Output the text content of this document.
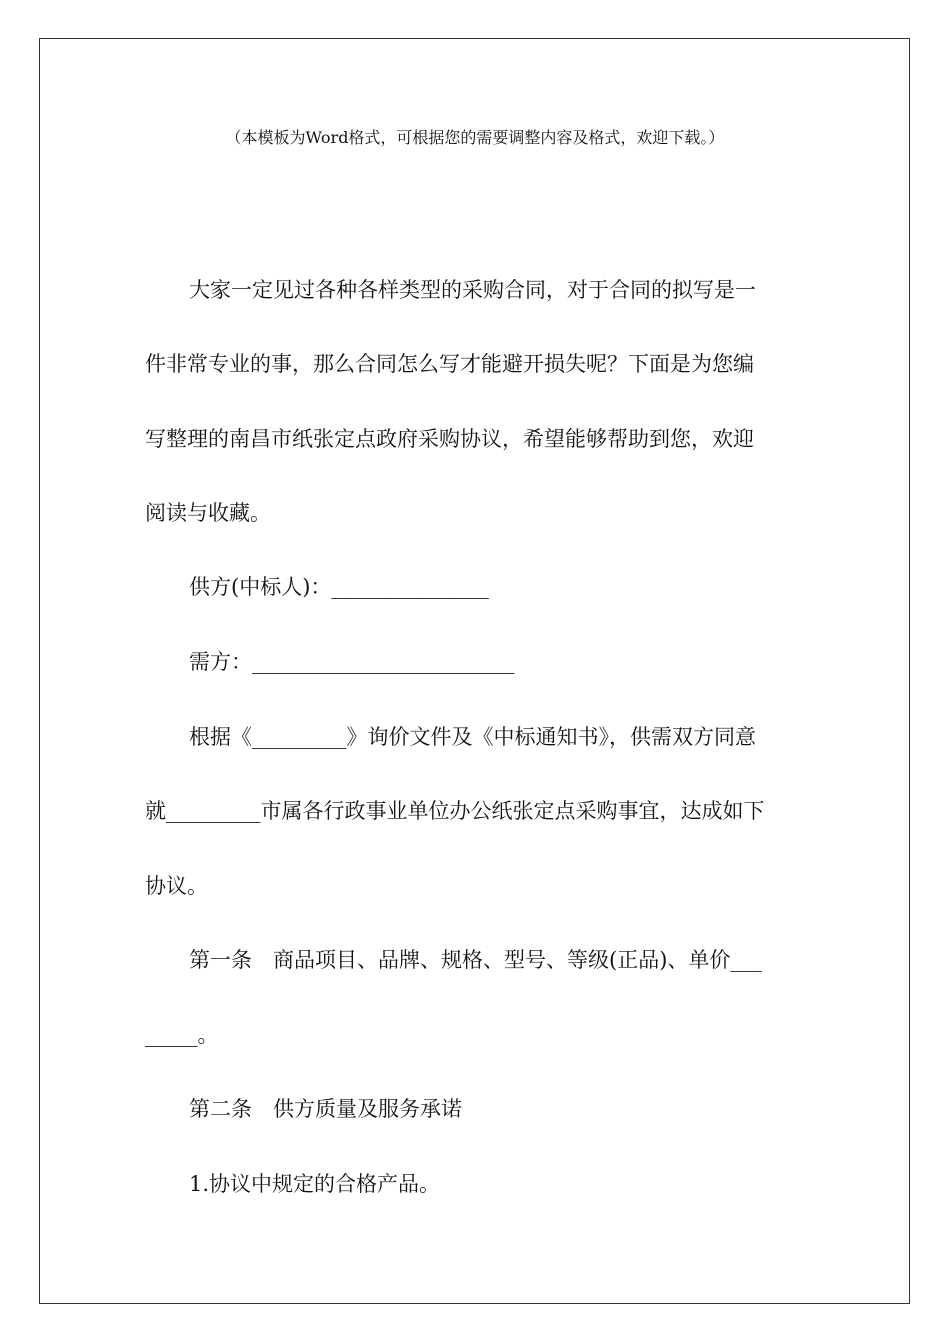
（本模板为Word格式，可根据您的需要调整内容及格式，欢迎下载。）
大家一定见过各种各样类型的采购合同，对于合同的拟写是一
件非常专业的事，那么合同怎么写才能避开损失呢？下面是为您编
写整理的南昌市纸张定点政府采购协议，希望能够帮助到您，欢迎
阅读与收藏。
供方(中标人)：_______________
需方：_________________________
根据《_________》询价文件及《中标通知书》，供需双方同意
就_________市属各行政事业单位办公纸张定点采购事宜，达成如下
协议。
第一条　商品项目、品牌、规格、型号、等级(正品)、单价___
_____。
第二条　供方质量及服务承诺
1.协议中规定的合格产品。
